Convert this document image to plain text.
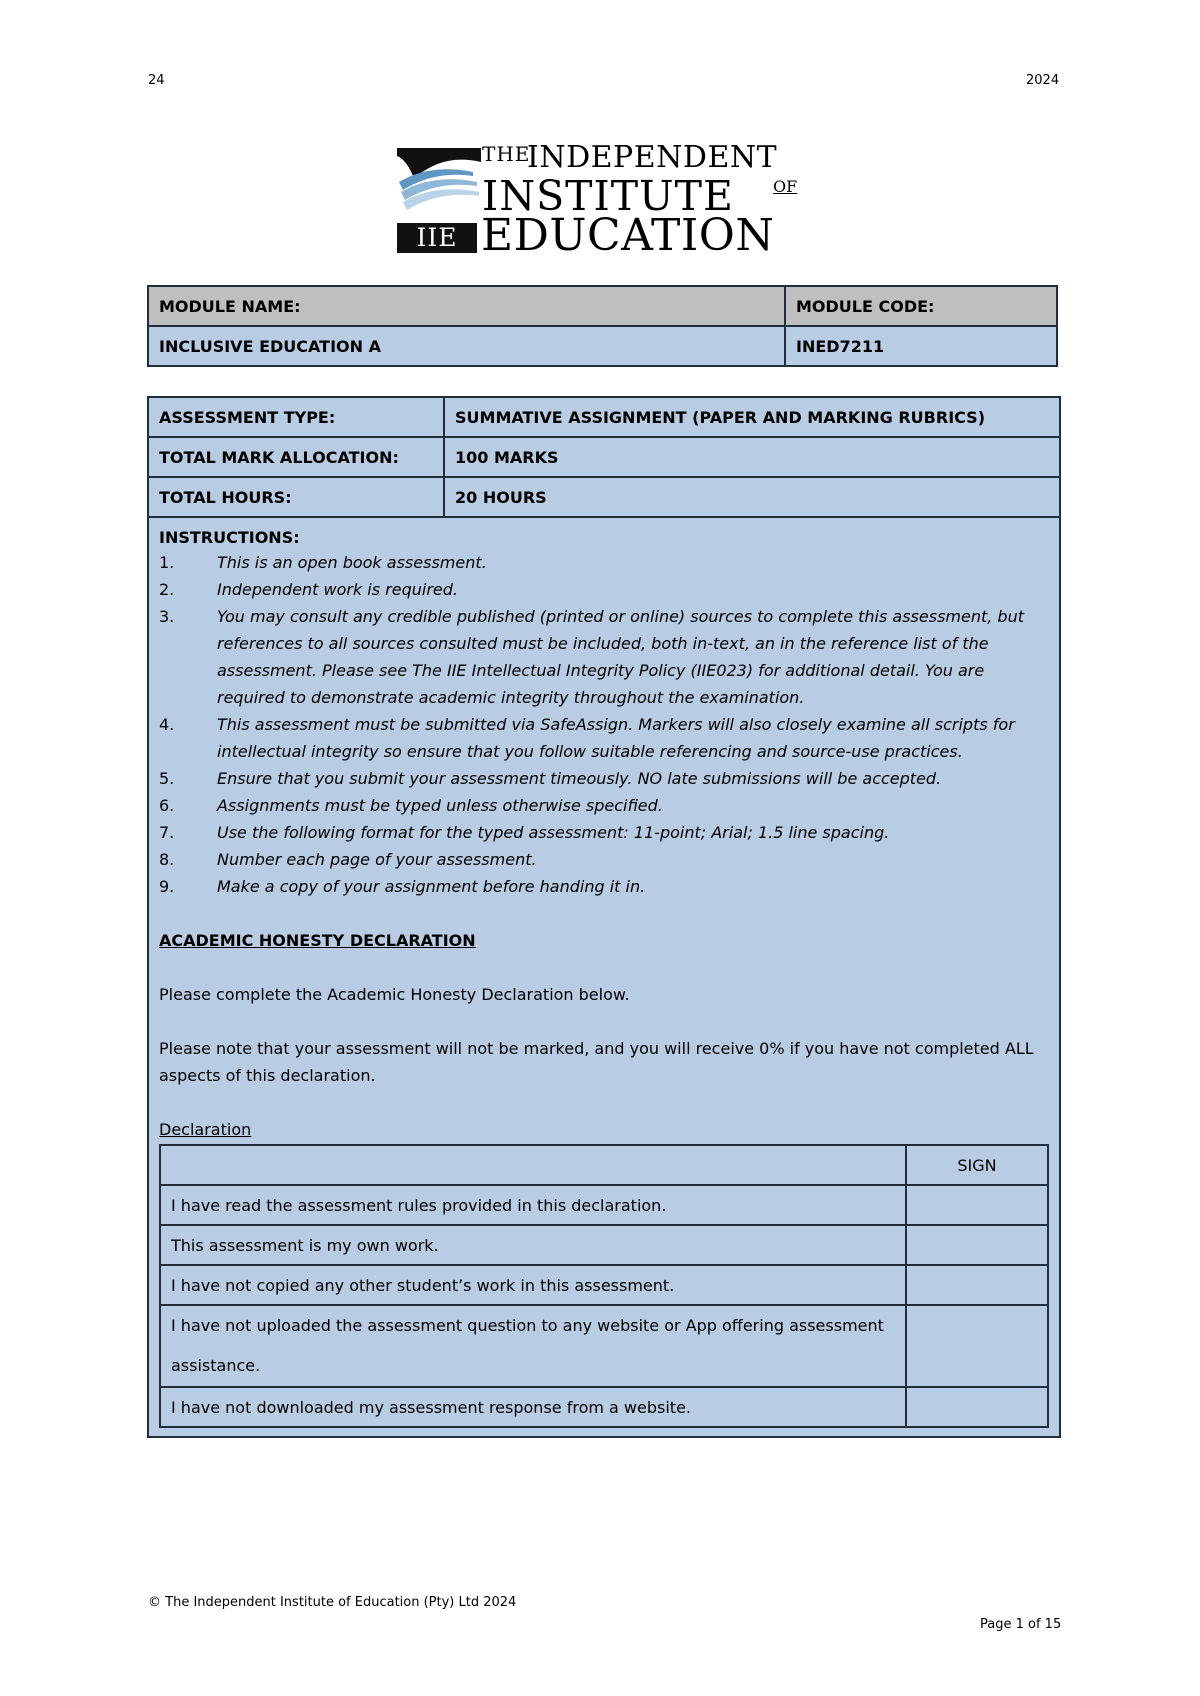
24	2024
THE
INDEPENDENT
INSTITUTE OF
EDUCATION
IIE
MODULE NAME:	MODULE CODE:
INCLUSIVE EDUCATION A	INED7211
ASSESSMENT TYPE:	SUMMATIVE ASSIGNMENT (PAPER AND MARKING RUBRICS)
TOTAL MARK ALLOCATION:	100 MARKS
TOTAL HOURS:	20 HOURS

INSTRUCTIONS:
1.	This is an open book assessment.
2.	Independent work is required.
3.	You may consult any credible published (printed or online) sources to complete this assessment, but references to all sources consulted must be included, both in-text, an in the reference list of the assessment. Please see The IIE Intellectual Integrity Policy (IIE023) for additional detail. You are required to demonstrate academic integrity throughout the examination.
4.	This assessment must be submitted via SafeAssign. Markers will also closely examine all scripts for intellectual integrity so ensure that you follow suitable referencing and source-use practices.
5.	Ensure that you submit your assessment timeously. NO late submissions will be accepted.
6.	Assignments must be typed unless otherwise specified.
7.	Use the following format for the typed assessment: 11-point; Arial; 1.5 line spacing.
8.	Number each page of your assessment.
9.	Make a copy of your assignment before handing it in.
ACADEMIC HONESTY DECLARATION

Please complete the Academic Honesty Declaration below.

Please note that your assessment will not be marked, and you will receive 0% if you have not completed ALL aspects of this declaration.

Declaration
	SIGN
I have read the assessment rules provided in this declaration.	
This assessment is my own work.	
I have not copied any other student’s work in this assessment.	
I have not uploaded the assessment question to any website or App offering assessment assistance.	
I have not downloaded my assessment response from a website.	
© The Independent Institute of Education (Pty) Ltd 2024
Page 1 of 15
